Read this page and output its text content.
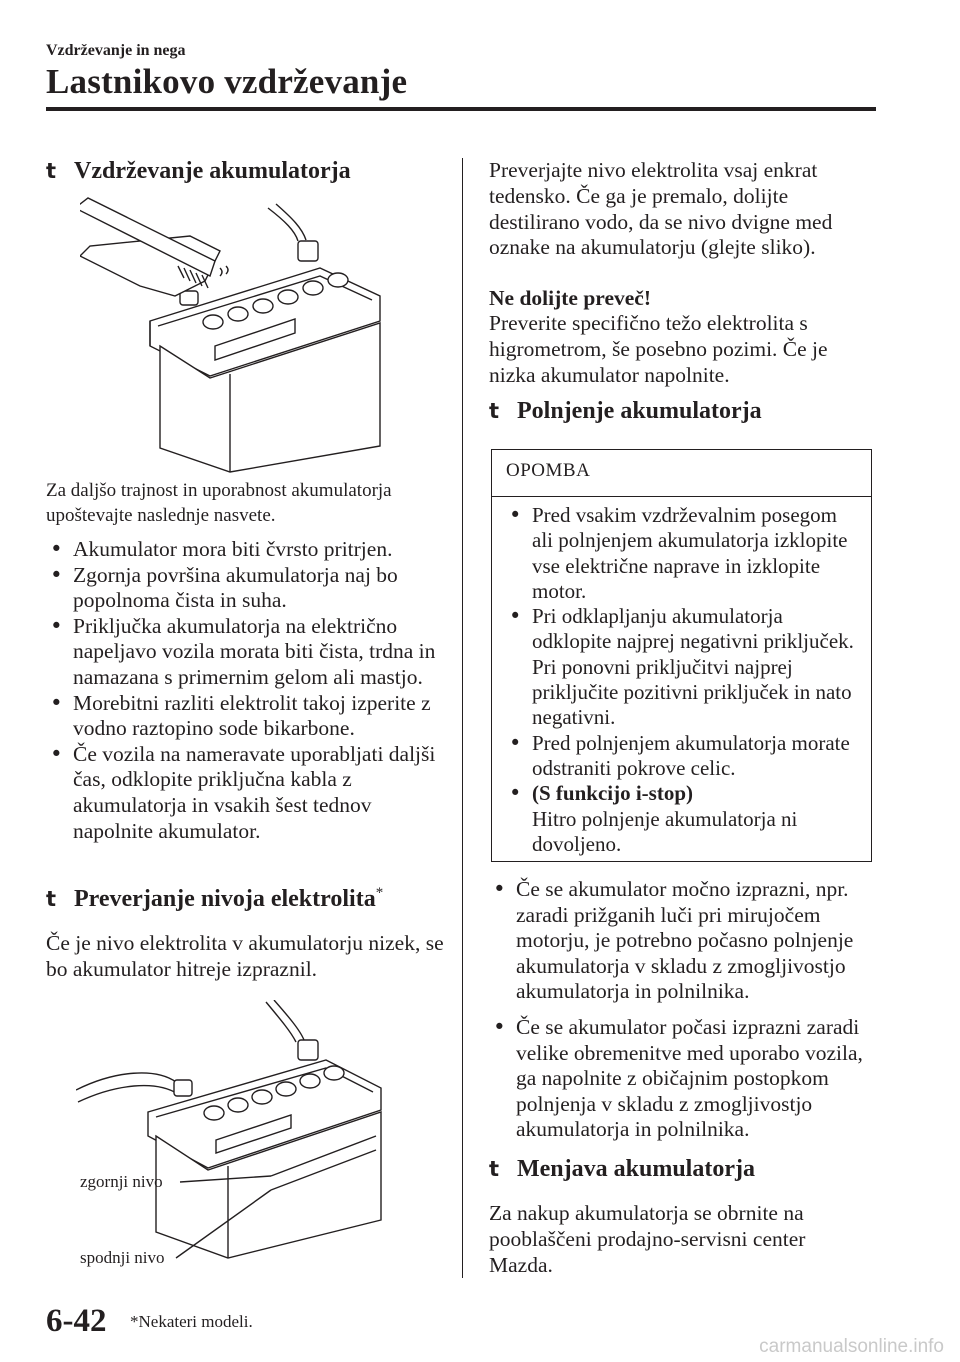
Vzdrževanje in nega
Lastnikovo vzdrževanje
t Vzdrževanje akumulatorja
Za daljšo trajnost in uporabnost akumulatorja upoštevajte naslednje nasvete.
• Akumulator mora biti čvrsto pritrjen.
• Zgornja površina akumulatorja naj bo popolnoma čista in suha.
• Priključka akumulatorja na električno napeljavo vozila morata biti čista, trdna in namazana s primernim gelom ali mastjo.
• Morebitni razliti elektrolit takoj izperite z vodno raztopino sode bikarbone.
• Če vozila na nameravate uporabljati daljši čas, odklopite priključna kabla z akumulatorja in vsakih šest tednov napolnite akumulator.
t Preverjanje nivoja elektrolita*
Če je nivo elektrolita v akumulatorju nizek, se bo akumulator hitreje izpraznil.
zgornji nivo
spodnji nivo
Preverjajte nivo elektrolita vsaj enkrat tedensko. Če ga je premalo, dolijte destilirano vodo, da se nivo dvigne med oznake na akumulatorju (glejte sliko).
Ne dolijte preveč!
Preverite specifično težo elektrolita s higrometrom, še posebno pozimi. Če je nizka akumulator napolnite.
t Polnjenje akumulatorja
OPOMBA
• Pred vsakim vzdrževalnim posegom ali polnjenjem akumulatorja izklopite vse električne naprave in izklopite motor.
• Pri odklapljanju akumulatorja odklopite najprej negativni priključek. Pri ponovni priključitvi najprej priključite pozitivni priključek in nato negativni.
• Pred polnjenjem akumulatorja morate odstraniti pokrove celic.
• (S funkcijo i-stop)
Hitro polnjenje akumulatorja ni dovoljeno.
• Če se akumulator močno izprazni, npr. zaradi prižganih luči pri mirujočem motorju, je potrebno počasno polnjenje akumulatorja v skladu z zmogljivostjo akumulatorja in polnilnika.
• Če se akumulator počasi izprazni zaradi velike obremenitve med uporabo vozila, ga napolnite z običajnim postopkom polnjenja v skladu z zmogljivostjo akumulatorja in polnilnika.
t Menjava akumulatorja
Za nakup akumulatorja se obrnite na pooblaščeni prodajno-servisni center Mazda.
6-42 *Nekateri modeli.
carmanualsonline.info
